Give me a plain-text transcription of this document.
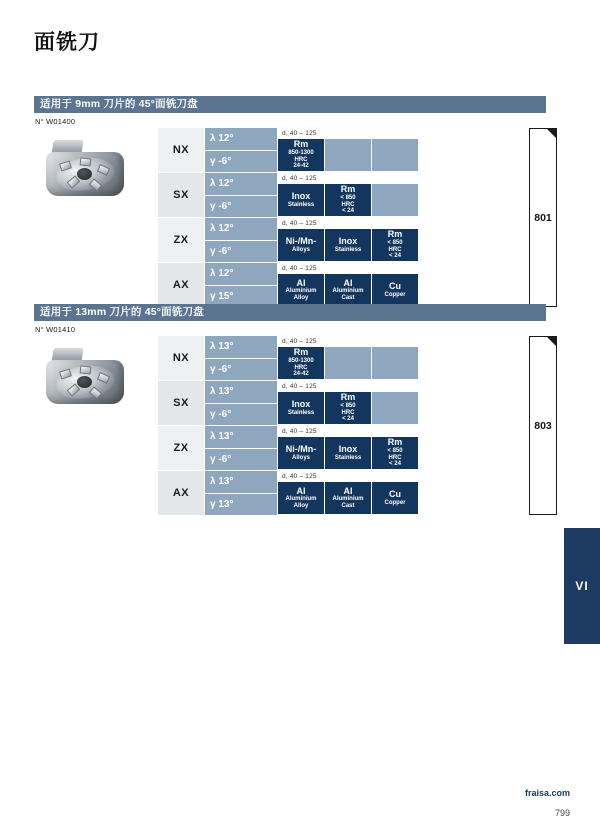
面铣刀
适用于 9mm 刀片的 45°面铣刀盘
N° W01400
NX
λ 12°
γ -6°
d, 40 – 125
Rm
850-1300
HRC
24-42
SX
λ 12°
γ -6°
d, 40 – 125
Inox
Stainless
Rm
< 850
HRC
< 24
ZX
λ 12°
γ -6°
d, 40 – 125
Ni-/Mn-
Alloys
Inox
Stainless
Rm
< 850
HRC
< 24
AX
λ 12°
γ 15°
d, 40 – 125
Al
Aluminium
Alloy
Al
Aluminium
Cast
Cu
Copper
801
适用于 13mm 刀片的 45°面铣刀盘
N° W01410
NX
λ 13°
γ -6°
d, 40 – 125
Rm
850-1300
HRC
24-42
SX
λ 13°
γ -6°
d, 40 – 125
Inox
Stainless
Rm
< 850
HRC
< 24
ZX
λ 13°
γ -6°
d, 40 – 125
Ni-/Mn-
Alloys
Inox
Stainless
Rm
< 850
HRC
< 24
AX
λ 13°
γ 13°
d, 40 – 125
Al
Aluminium
Alloy
Al
Aluminium
Cast
Cu
Copper
803
VI
fraisa.com
799
